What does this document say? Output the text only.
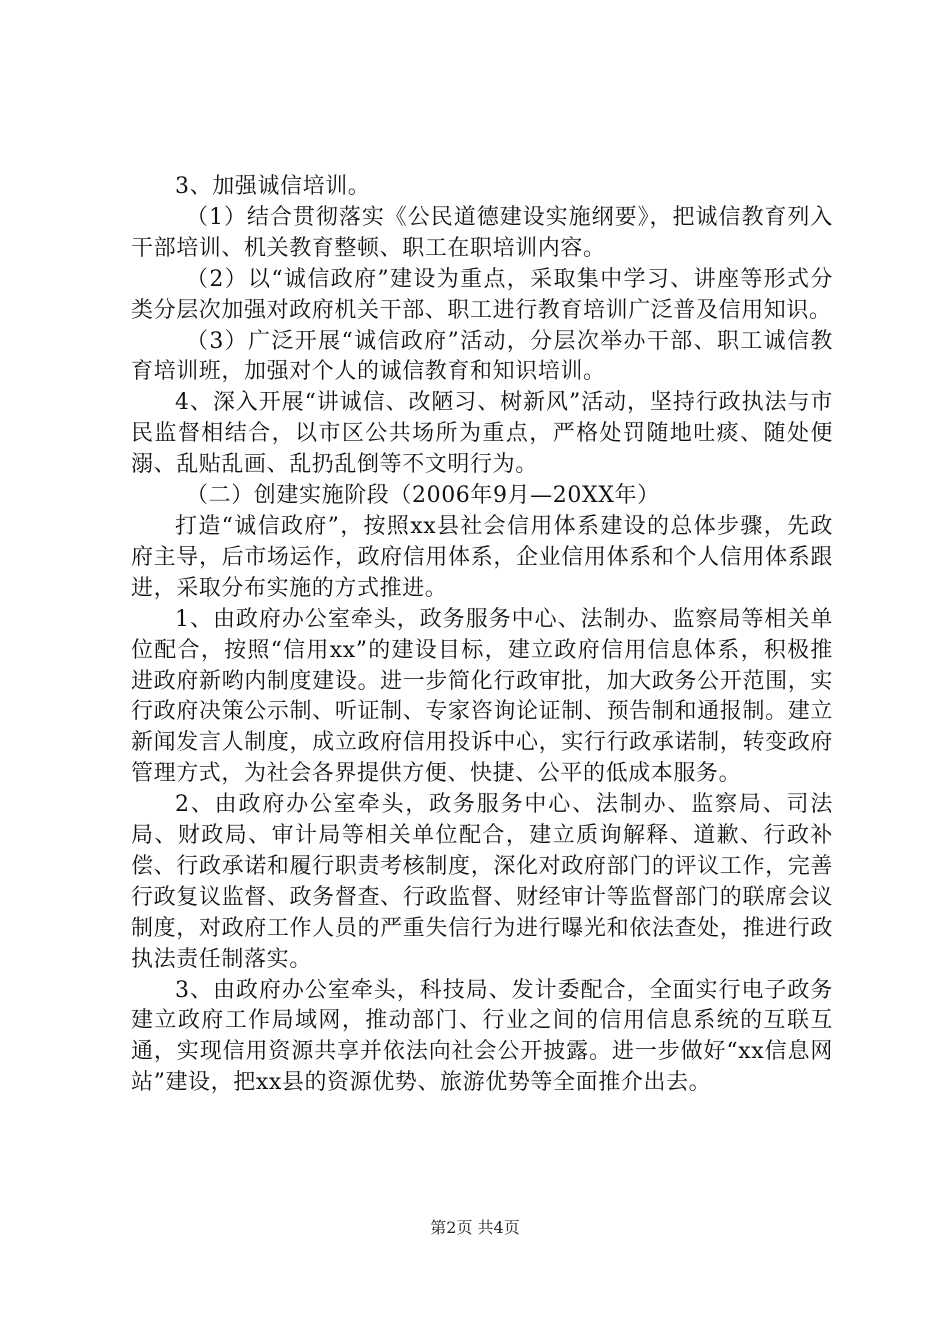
3、加强诚信培训。

（1）结合贯彻落实《公民道德建设实施纲要》，把诚信教育列入干部培训、机关教育整顿、职工在职培训内容。

（2）以“诚信政府”建设为重点，采取集中学习、讲座等形式分类分层次加强对政府机关干部、职工进行教育培训广泛普及信用知识。

（3）广泛开展“诚信政府”活动，分层次举办干部、职工诚信教育培训班，加强对个人的诚信教育和知识培训。

4、深入开展“讲诚信、改陋习、树新风”活动，坚持行政执法与市民监督相结合，以市区公共场所为重点，严格处罚随地吐痰、随处便溺、乱贴乱画、乱扔乱倒等不文明行为。

（二）创建实施阶段（2006年9月—20XX年）

打造“诚信政府”，按照xx县社会信用体系建设的总体步骤，先政府主导，后市场运作，政府信用体系，企业信用体系和个人信用体系跟进，采取分布实施的方式推进。

1、由政府办公室牵头，政务服务中心、法制办、监察局等相关单位配合，按照“信用xx”的建设目标，建立政府信用信息体系，积极推进政府新哟内制度建设。进一步简化行政审批，加大政务公开范围，实行政府决策公示制、听证制、专家咨询论证制、预告制和通报制。建立新闻发言人制度，成立政府信用投诉中心，实行行政承诺制，转变政府管理方式，为社会各界提供方便、快捷、公平的低成本服务。

2、由政府办公室牵头，政务服务中心、法制办、监察局、司法局、财政局、审计局等相关单位配合，建立质询解释、道歉、行政补偿、行政承诺和履行职责考核制度，深化对政府部门的评议工作，完善行政复议监督、政务督查、行政监督、财经审计等监督部门的联席会议制度，对政府工作人员的严重失信行为进行曝光和依法查处，推进行政执法责任制落实。

3、由政府办公室牵头，科技局、发计委配合，全面实行电子政务建立政府工作局域网，推动部门、行业之间的信用信息系统的互联互通，实现信用资源共享并依法向社会公开披露。进一步做好“xx信息网站”建设，把xx县的资源优势、旅游优势等全面推介出去。

第2页 共4页
